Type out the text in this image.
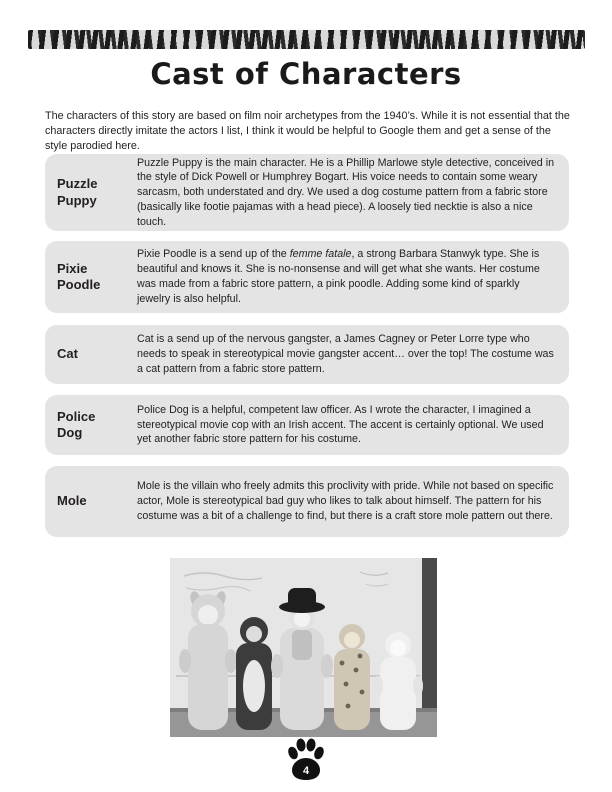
Cast of Characters

The characters of this story are based on film noir archetypes from the 1940’s. While it is not essential that the characters directly imitate the actors I list, I think it would be helpful to Google them and get a sense of the style parodied here.

Puzzle Puppy
Puzzle Puppy is the main character. He is a Phillip Marlowe style detective, conceived in the style of Dick Powell or Humphrey Bogart. His voice needs to contain some weary sarcasm, both understated and dry. We used a dog costume pattern from a fabric store (basically like footie pajamas with a head piece). A loosely tied necktie is also a nice touch.
Pixie Poodle
Pixie Poodle is a send up of the femme fatale, a strong Barbara Stanwyk type. She is beautiful and knows it. She is no-nonsense and will get what she wants. Her costume was made from a fabric store pattern, a pink poodle. Adding some kind of sparkly jewelry is also helpful.
Cat
Cat is a send up of the nervous gangster, a James Cagney or Peter Lorre type who needs to speak in stereotypical movie gangster accent… over the top! The costume was a cat pattern from a fabric store pattern.
Police Dog
Police Dog is a helpful, competent law officer. As I wrote the character, I imagined a stereotypical movie cop with an Irish accent. The accent is certainly optional. We used yet another fabric store pattern for his costume.
Mole
Mole is the villain who freely admits this proclivity with pride. While not based on specific actor, Mole is stereotypical bad guy who likes to talk about himself. The pattern for his costume was a bit of a challenge to find, but there is a craft store mole pattern out there.
4
